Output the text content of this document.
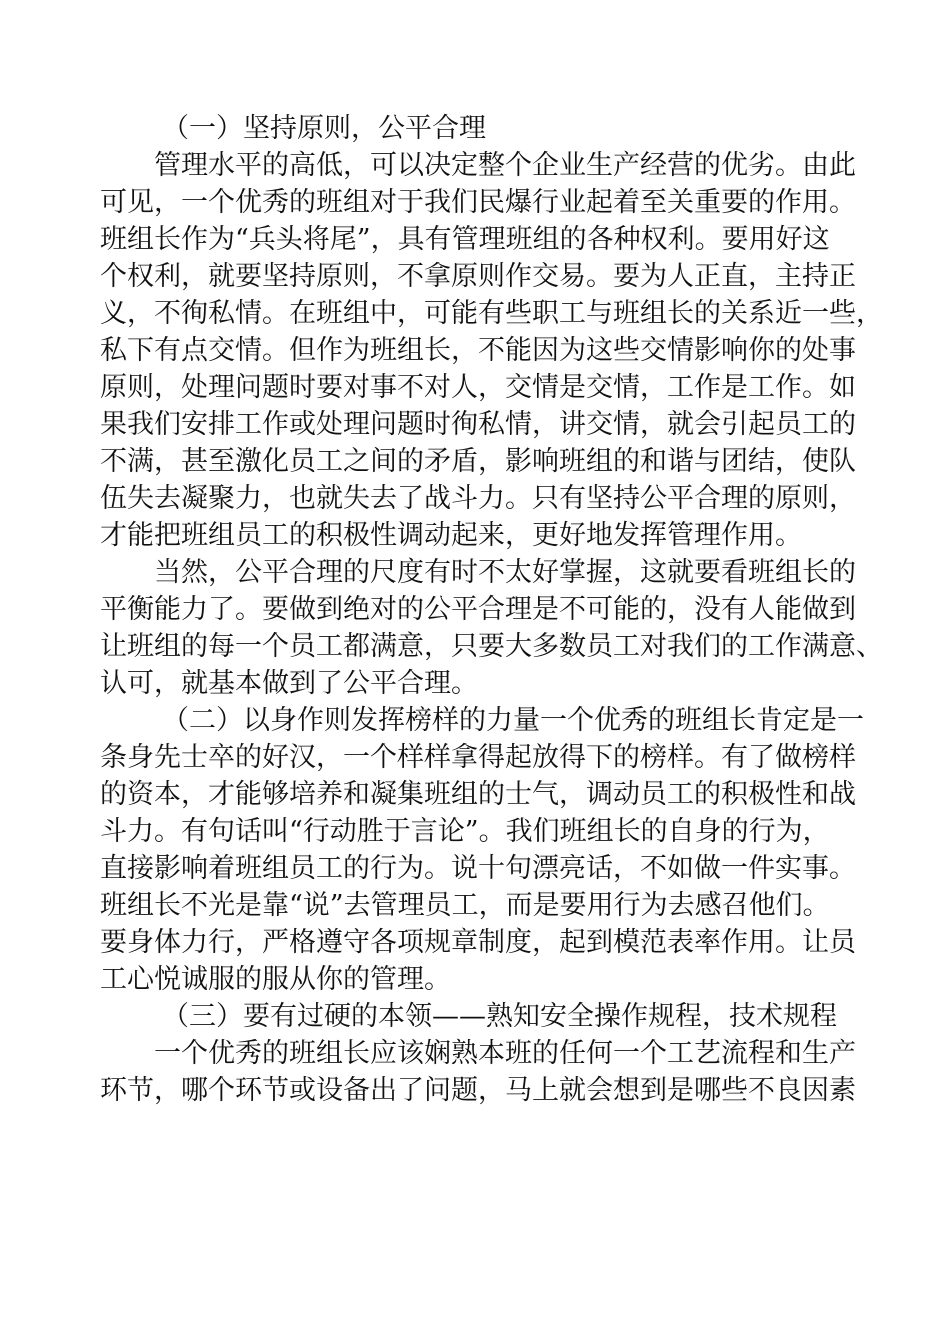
（一）坚持原则，公平合理
管理水平的高低，可以决定整个企业生产经营的优劣。由此
可见，一个优秀的班组对于我们民爆行业起着至关重要的作用。
班组长作为“兵头将尾”，具有管理班组的各种权利。要用好这
个权利，就要坚持原则，不拿原则作交易。要为人正直，主持正
义，不徇私情。在班组中，可能有些职工与班组长的关系近一些，
私下有点交情。但作为班组长，不能因为这些交情影响你的处事
原则，处理问题时要对事不对人，交情是交情，工作是工作。如
果我们安排工作或处理问题时徇私情，讲交情，就会引起员工的
不满，甚至激化员工之间的矛盾，影响班组的和谐与团结，使队
伍失去凝聚力，也就失去了战斗力。只有坚持公平合理的原则，
才能把班组员工的积极性调动起来，更好地发挥管理作用。
当然，公平合理的尺度有时不太好掌握，这就要看班组长的
平衡能力了。要做到绝对的公平合理是不可能的，没有人能做到
让班组的每一个员工都满意，只要大多数员工对我们的工作满意、
认可，就基本做到了公平合理。
（二）以身作则发挥榜样的力量一个优秀的班组长肯定是一
条身先士卒的好汉，一个样样拿得起放得下的榜样。有了做榜样
的资本，才能够培养和凝集班组的士气，调动员工的积极性和战
斗力。有句话叫“行动胜于言论”。我们班组长的自身的行为，
直接影响着班组员工的行为。说十句漂亮话，不如做一件实事。
班组长不光是靠“说”去管理员工，而是要用行为去感召他们。
要身体力行，严格遵守各项规章制度，起到模范表率作用。让员
工心悦诚服的服从你的管理。
（三）要有过硬的本领——熟知安全操作规程，技术规程
一个优秀的班组长应该娴熟本班的任何一个工艺流程和生产
环节，哪个环节或设备出了问题，马上就会想到是哪些不良因素
